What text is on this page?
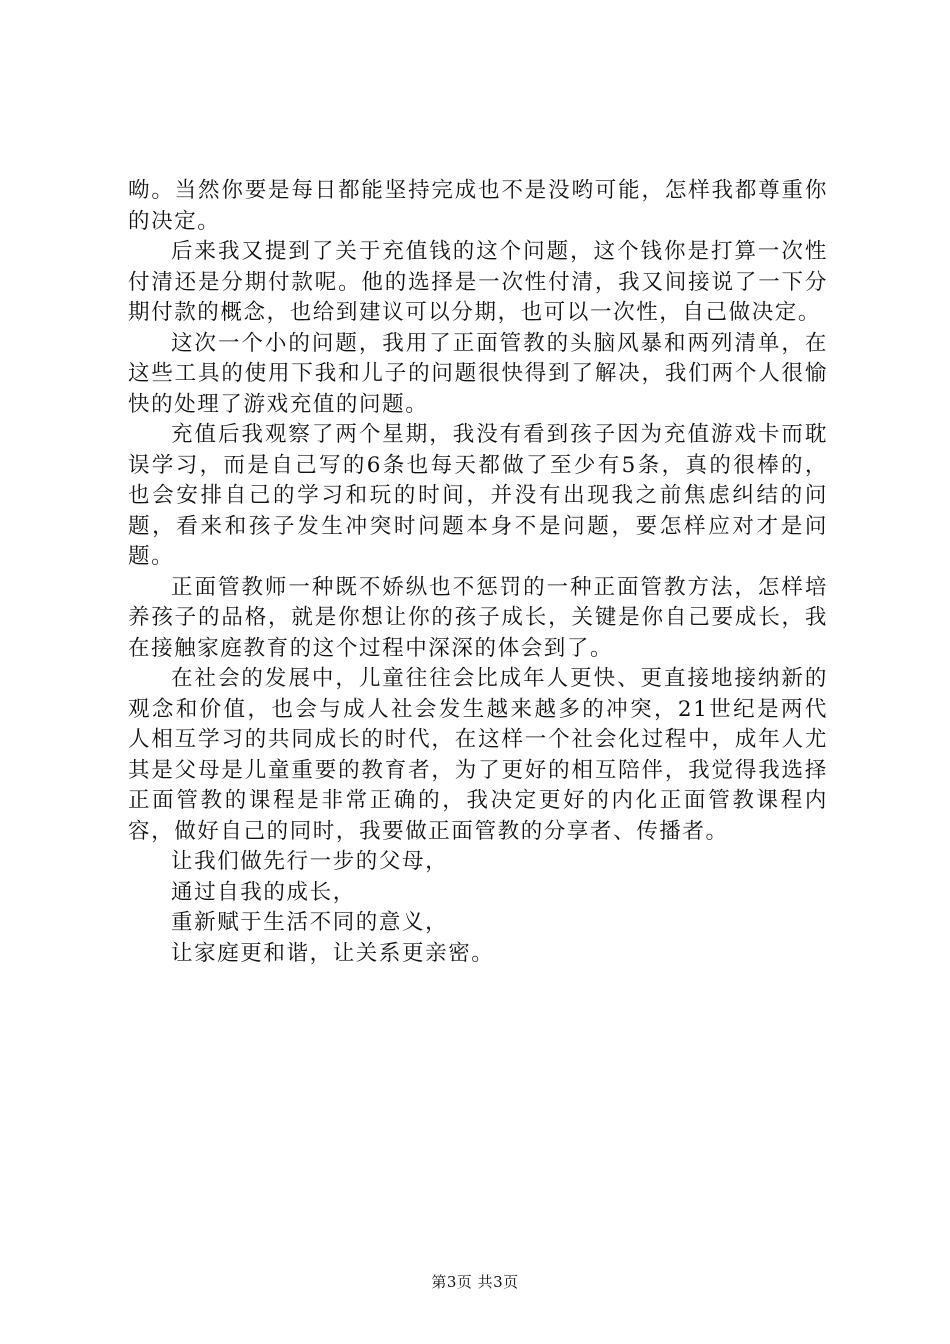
呦。当然你要是每日都能坚持完成也不是没哟可能，怎样我都尊重你的决定。

后来我又提到了关于充值钱的这个问题，这个钱你是打算一次性付清还是分期付款呢。他的选择是一次性付清，我又间接说了一下分期付款的概念，也给到建议可以分期，也可以一次性，自己做决定。

这次一个小的问题，我用了正面管教的头脑风暴和两列清单，在这些工具的使用下我和儿子的问题很快得到了解决，我们两个人很愉快的处理了游戏充值的问题。

充值后我观察了两个星期，我没有看到孩子因为充值游戏卡而耽误学习，而是自己写的6条也每天都做了至少有5条，真的很棒的，也会安排自己的学习和玩的时间，并没有出现我之前焦虑纠结的问题，看来和孩子发生冲突时问题本身不是问题，要怎样应对才是问题。

正面管教师一种既不娇纵也不惩罚的一种正面管教方法，怎样培养孩子的品格，就是你想让你的孩子成长，关键是你自己要成长，我在接触家庭教育的这个过程中深深的体会到了。

在社会的发展中，儿童往往会比成年人更快、更直接地接纳新的观念和价值，也会与成人社会发生越来越多的冲突，21世纪是两代人相互学习的共同成长的时代，在这样一个社会化过程中，成年人尤其是父母是儿童重要的教育者，为了更好的相互陪伴，我觉得我选择正面管教的课程是非常正确的，我决定更好的内化正面管教课程内容，做好自己的同时，我要做正面管教的分享者、传播者。

让我们做先行一步的父母，

通过自我的成长，

重新赋于生活不同的意义，

让家庭更和谐，让关系更亲密。

第3页 共3页
